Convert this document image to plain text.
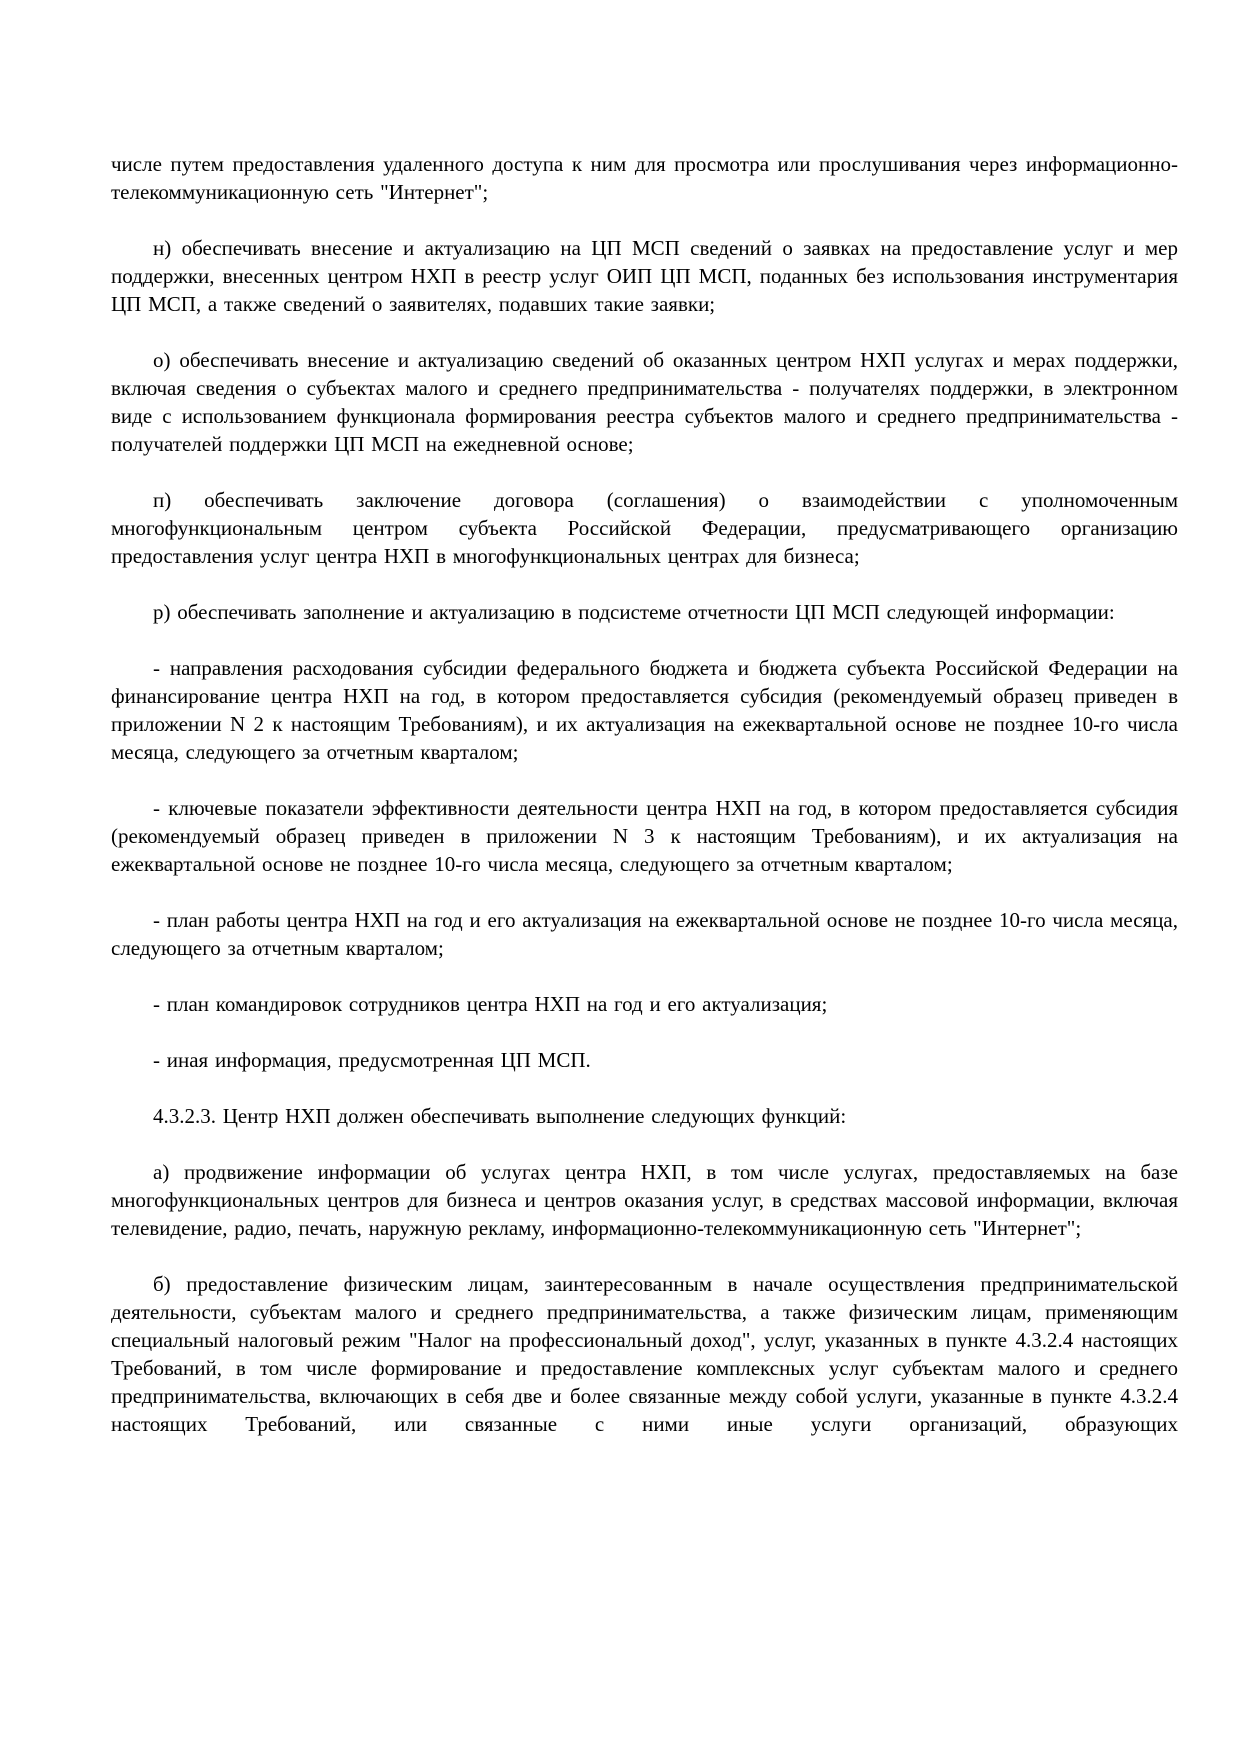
числе путем предоставления удаленного доступа к ним для просмотра или прослушивания через информационно-телекоммуникационную сеть "Интернет";

н) обеспечивать внесение и актуализацию на ЦП МСП сведений о заявках на предоставление услуг и мер поддержки, внесенных центром НХП в реестр услуг ОИП ЦП МСП, поданных без использования инструментария ЦП МСП, а также сведений о заявителях, подавших такие заявки;

о) обеспечивать внесение и актуализацию сведений об оказанных центром НХП услугах и мерах поддержки, включая сведения о субъектах малого и среднего предпринимательства - получателях поддержки, в электронном виде с использованием функционала формирования реестра субъектов малого и среднего предпринимательства - получателей поддержки ЦП МСП на ежедневной основе;

п) обеспечивать заключение договора (соглашения) о взаимодействии с уполномоченным многофункциональным центром субъекта Российской Федерации, предусматривающего организацию предоставления услуг центра НХП в многофункциональных центрах для бизнеса;

р) обеспечивать заполнение и актуализацию в подсистеме отчетности ЦП МСП следующей информации:

- направления расходования субсидии федерального бюджета и бюджета субъекта Российской Федерации на финансирование центра НХП на год, в котором предоставляется субсидия (рекомендуемый образец приведен в приложении N 2 к настоящим Требованиям), и их актуализация на ежеквартальной основе не позднее 10-го числа месяца, следующего за отчетным кварталом;

- ключевые показатели эффективности деятельности центра НХП на год, в котором предоставляется субсидия (рекомендуемый образец приведен в приложении N 3 к настоящим Требованиям), и их актуализация на ежеквартальной основе не позднее 10-го числа месяца, следующего за отчетным кварталом;

- план работы центра НХП на год и его актуализация на ежеквартальной основе не позднее 10-го числа месяца, следующего за отчетным кварталом;

- план командировок сотрудников центра НХП на год и его актуализация;

- иная информация, предусмотренная ЦП МСП.

4.3.2.3. Центр НХП должен обеспечивать выполнение следующих функций:

а) продвижение информации об услугах центра НХП, в том числе услугах, предоставляемых на базе многофункциональных центров для бизнеса и центров оказания услуг, в средствах массовой информации, включая телевидение, радио, печать, наружную рекламу, информационно-телекоммуникационную сеть "Интернет";

б) предоставление физическим лицам, заинтересованным в начале осуществления предпринимательской деятельности, субъектам малого и среднего предпринимательства, а также физическим лицам, применяющим специальный налоговый режим "Налог на профессиональный доход", услуг, указанных в пункте 4.3.2.4 настоящих Требований, в том числе формирование и предоставление комплексных услуг субъектам малого и среднего предпринимательства, включающих в себя две и более связанные между собой услуги, указанные в пункте 4.3.2.4 настоящих Требований, или связанные с ними иные услуги организаций, образующих
